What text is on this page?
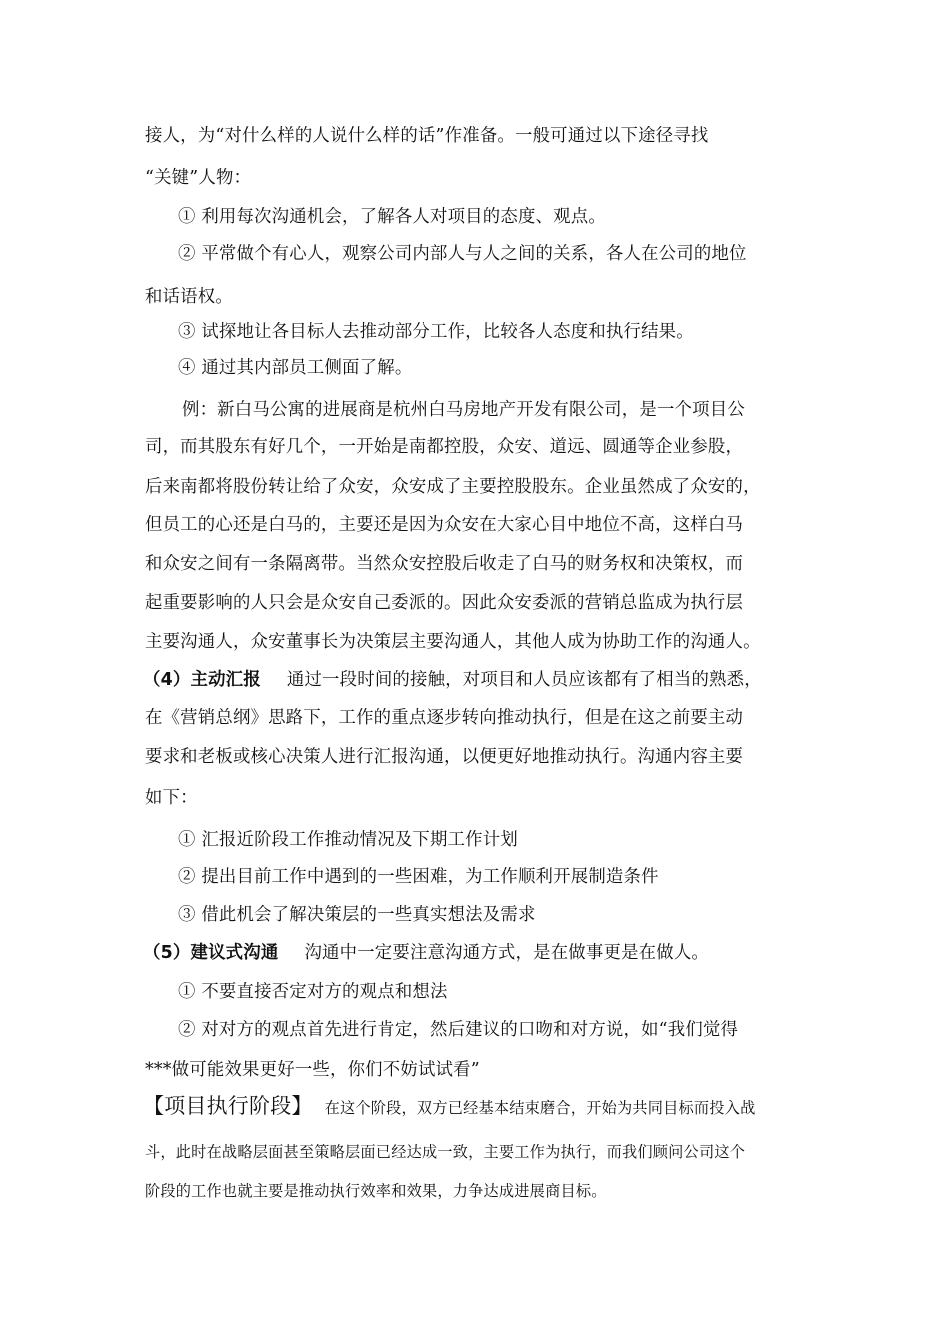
接人，为“对什么样的人说什么样的话”作准备。一般可通过以下途径寻找
“关键”人物：
① 利用每次沟通机会，了解各人对项目的态度、观点。
② 平常做个有心人，观察公司内部人与人之间的关系，各人在公司的地位
和话语权。
③ 试探地让各目标人去推动部分工作，比较各人态度和执行结果。
④ 通过其内部员工侧面了解。
例：新白马公寓的进展商是杭州白马房地产开发有限公司，是一个项目公
司，而其股东有好几个，一开始是南都控股，众安、道远、圆通等企业参股，
后来南都将股份转让给了众安，众安成了主要控股股东。企业虽然成了众安的，
但员工的心还是白马的，主要还是因为众安在大家心目中地位不高，这样白马
和众安之间有一条隔离带。当然众安控股后收走了白马的财务权和决策权，而
起重要影响的人只会是众安自己委派的。因此众安委派的营销总监成为执行层
主要沟通人，众安董事长为决策层主要沟通人，其他人成为协助工作的沟通人。
（4）主动汇报 通过一段时间的接触，对项目和人员应该都有了相当的熟悉，
在《营销总纲》思路下，工作的重点逐步转向推动执行，但是在这之前要主动
要求和老板或核心决策人进行汇报沟通，以便更好地推动执行。沟通内容主要
如下：
① 汇报近阶段工作推动情况及下期工作计划
② 提出目前工作中遇到的一些困难，为工作顺利开展制造条件
③ 借此机会了解决策层的一些真实想法及需求
（5）建议式沟通 沟通中一定要注意沟通方式，是在做事更是在做人。
① 不要直接否定对方的观点和想法
② 对对方的观点首先进行肯定，然后建议的口吻和对方说，如“我们觉得
***做可能效果更好一些，你们不妨试试看”
【项目执行阶段】 在这个阶段，双方已经基本结束磨合，开始为共同目标而投入战
斗，此时在战略层面甚至策略层面已经达成一致，主要工作为执行，而我们顾问公司这个
阶段的工作也就主要是推动执行效率和效果，力争达成进展商目标。
